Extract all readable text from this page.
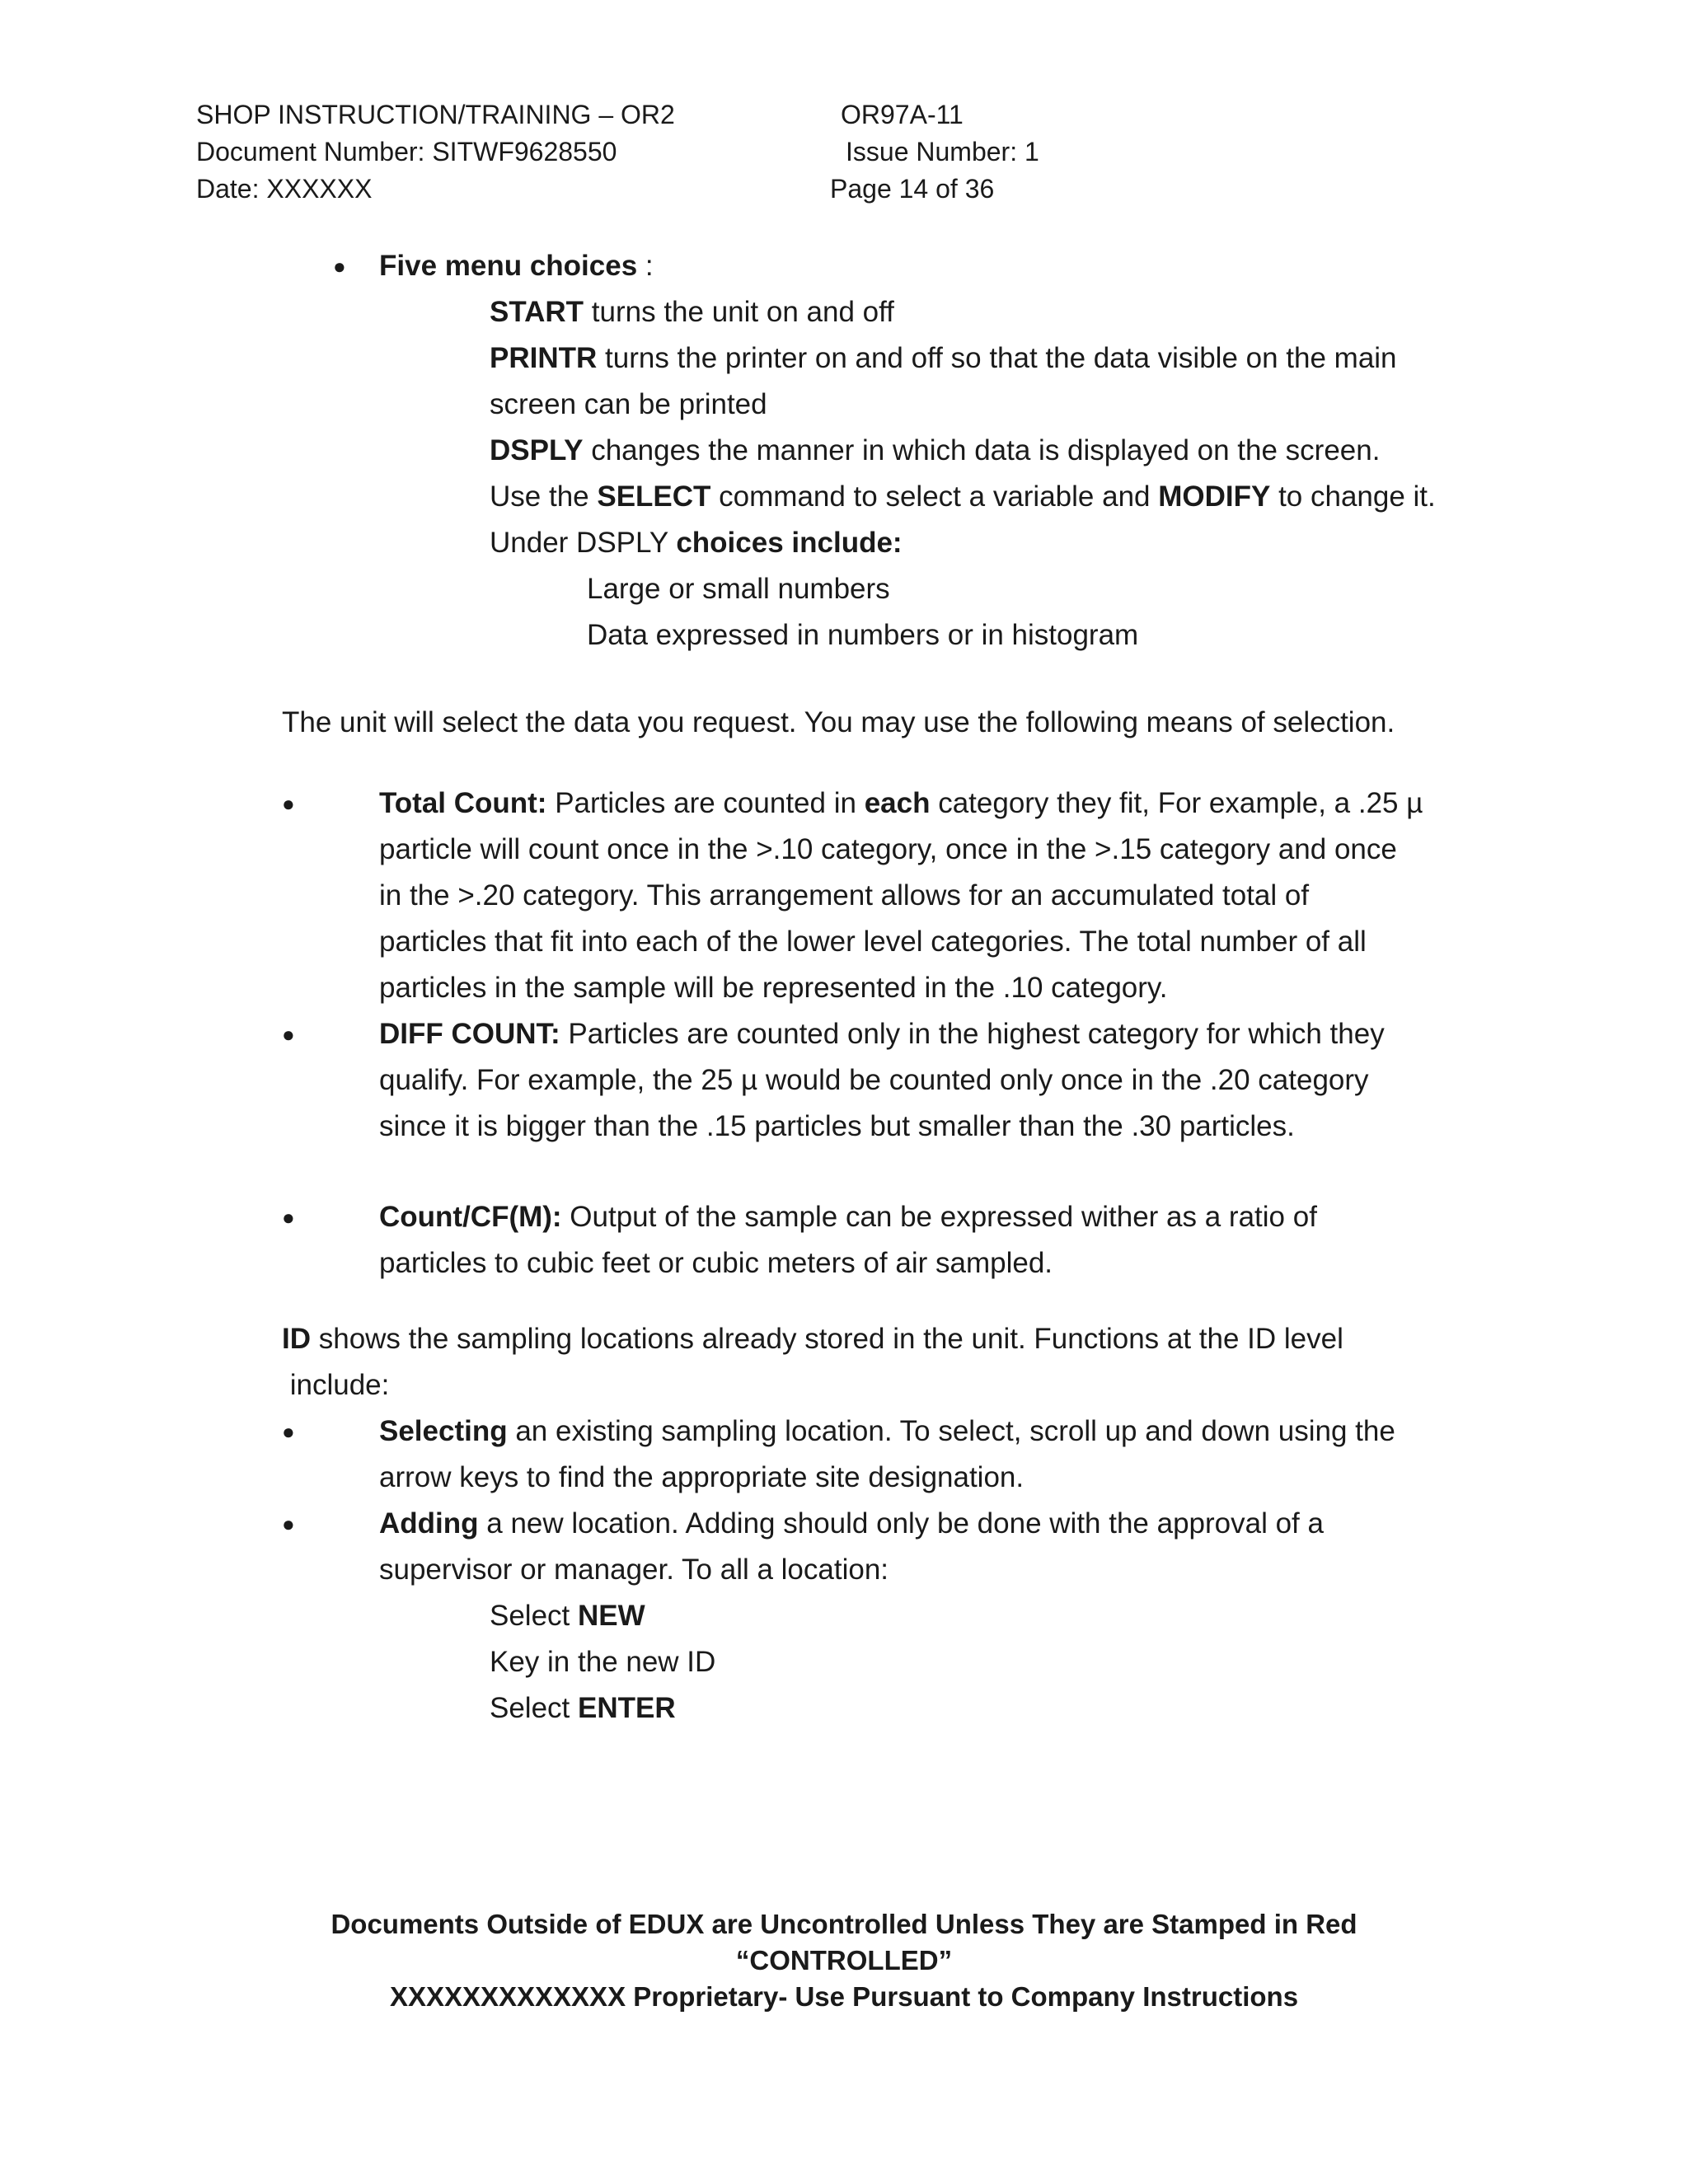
SHOP INSTRUCTION/TRAINING – OR2	OR97A-11
Document Number: SITWF9628550	Issue Number: 1
Date: XXXXXX	Page 14 of 36
● Five menu choices :
START turns the unit on and off
PRINTR turns the printer on and off so that the data visible on the main
screen can be printed
DSPLY changes the manner in which data is displayed on the screen.
Use the SELECT command to select a variable and MODIFY to change it.
Under DSPLY choices include:
Large or small numbers
Data expressed in numbers or in histogram
The unit will select the data you request. You may use the following means of selection.
●	Total Count: Particles are counted in each category they fit, For example, a .25 µ
particle will count once in the >.10 category, once in the >.15 category and once
in the >.20 category. This arrangement allows for an accumulated total of
particles that fit into each of the lower level categories. The total number of all
particles in the sample will be represented in the .10 category.
●	DIFF COUNT: Particles are counted only in the highest category for which they
qualify. For example, the 25 µ would be counted only once in the .20 category
since it is bigger than the .15 particles but smaller than the .30 particles.
●	Count/CF(M): Output of the sample can be expressed wither as a ratio of
particles to cubic feet or cubic meters of air sampled.
ID shows the sampling locations already stored in the unit. Functions at the ID level
include:
●	Selecting an existing sampling location. To select, scroll up and down using the
arrow keys to find the appropriate site designation.
●	Adding a new location. Adding should only be done with the approval of a
supervisor or manager. To all a location:
Select NEW
Key in the new ID
Select ENTER
Documents Outside of EDUX are Uncontrolled Unless They are Stamped in Red
“CONTROLLED”
XXXXXXXXXXXXX Proprietary- Use Pursuant to Company Instructions
